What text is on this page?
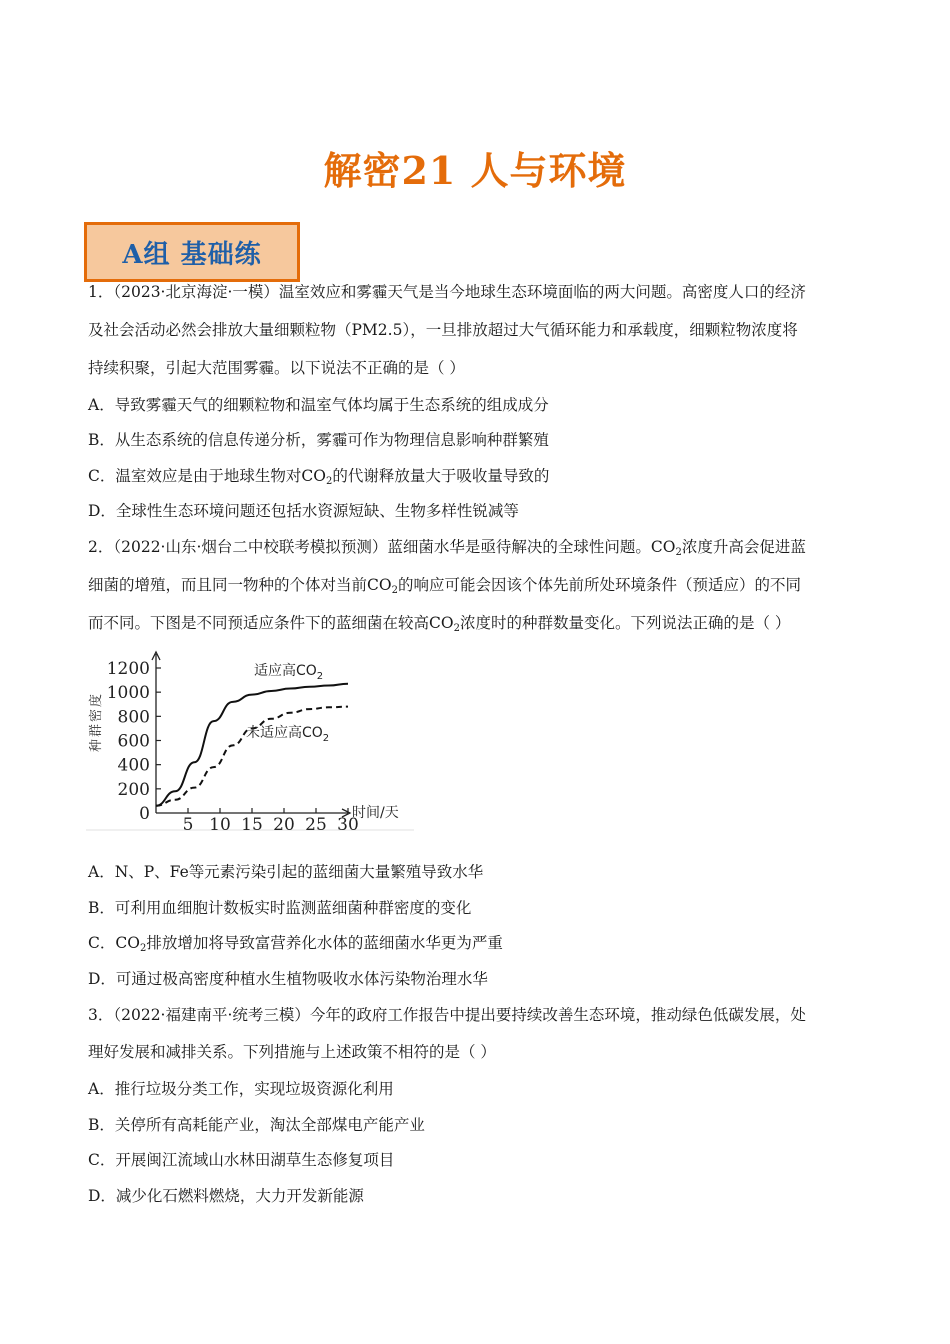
解密21 人与环境
A组 基础练
1．（2023·北京海淀·一模）温室效应和雾霾天气是当今地球生态环境面临的两大问题。高密度人口的经济
及社会活动必然会排放大量细颗粒物（PM2.5），一旦排放超过大气循环能力和承载度，细颗粒物浓度将
持续积聚，引起大范围雾霾。以下说法不正确的是（ ）
A．导致雾霾天气的细颗粒物和温室气体均属于生态系统的组成成分
B．从生态系统的信息传递分析，雾霾可作为物理信息影响种群繁殖
C．温室效应是由于地球生物对$CO_2$的代谢释放量大于吸收量导致的
D．全球性生态环境问题还包括水资源短缺、生物多样性锐减等
2．（2022·山东·烟台二中校联考模拟预测）蓝细菌水华是亟待解决的全球性问题。$CO_2$浓度升高会促进蓝
细菌的增殖，而且同一物种的个体对当前$CO_2$的响应可能会因该个体先前所处环境条件（预适应）的不同
而不同。下图是不同预适应条件下的蓝细菌在较高$CO_2$浓度时的种群数量变化。下列说法正确的是（ ）
种群密度
时间/天
0
200
400
600
800
1000
1200
5 10 15 20 25 30
适应高$CO_2$
未适应高$CO_2$
A．N、P、Fe等元素污染引起的蓝细菌大量繁殖导致水华
B．可利用血细胞计数板实时监测蓝细菌种群密度的变化
C．$CO_2$排放增加将导致富营养化水体的蓝细菌水华更为严重
D．可通过极高密度种植水生植物吸收水体污染物治理水华
3．（2022·福建南平·统考三模）今年的政府工作报告中提出要持续改善生态环境，推动绿色低碳发展，处
理好发展和减排关系。下列措施与上述政策不相符的是（ ）
A．推行垃圾分类工作，实现垃圾资源化利用
B．关停所有高耗能产业，淘汰全部煤电产能产业
C．开展闽江流域山水林田湖草生态修复项目
D．减少化石燃料燃烧，大力开发新能源
